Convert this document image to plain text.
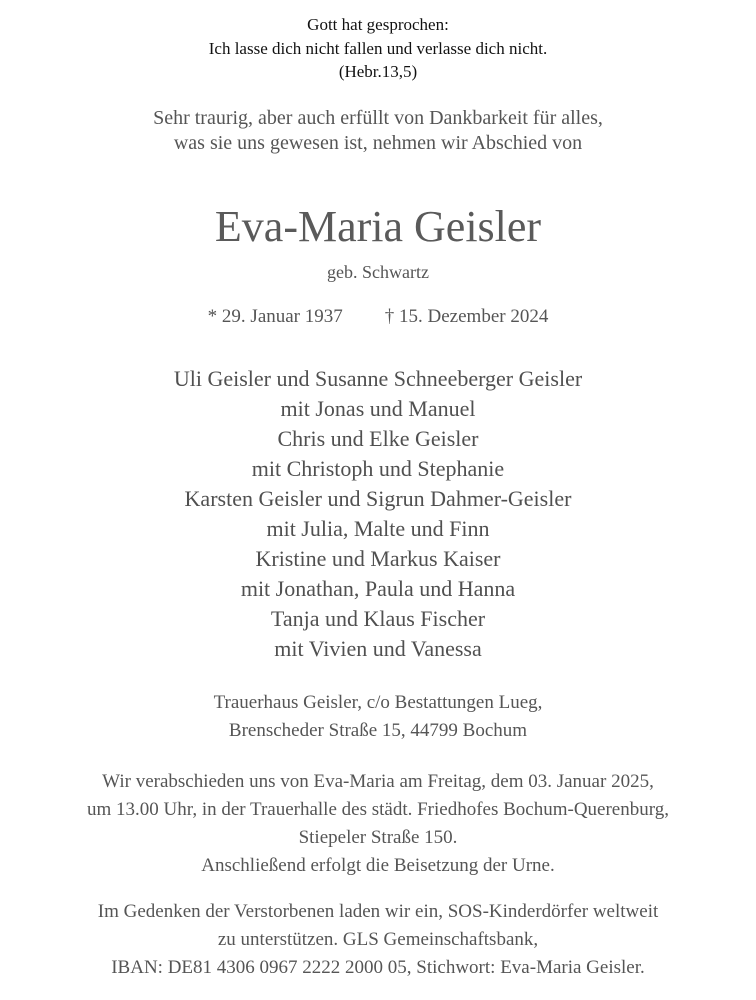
Gott hat gesprochen:
Ich lasse dich nicht fallen und verlasse dich nicht.
(Hebr.13,5)
Sehr traurig, aber auch erfüllt von Dankbarkeit für alles,
was sie uns gewesen ist, nehmen wir Abschied von
Eva-Maria Geisler
geb. Schwartz
* 29. Januar 1937 † 15. Dezember 2024
Uli Geisler und Susanne Schneeberger Geisler
mit Jonas und Manuel
Chris und Elke Geisler
mit Christoph und Stephanie
Karsten Geisler und Sigrun Dahmer-Geisler
mit Julia, Malte und Finn
Kristine und Markus Kaiser
mit Jonathan, Paula und Hanna
Tanja und Klaus Fischer
mit Vivien und Vanessa
Trauerhaus Geisler, c/o Bestattungen Lueg,
Brenscheder Straße 15, 44799 Bochum
Wir verabschieden uns von Eva-Maria am Freitag, dem 03. Januar 2025,
um 13.00 Uhr, in der Trauerhalle des städt. Friedhofes Bochum-Querenburg,
Stiepeler Straße 150.
Anschließend erfolgt die Beisetzung der Urne.
Im Gedenken der Verstorbenen laden wir ein, SOS-Kinderdörfer weltweit
zu unterstützen. GLS Gemeinschaftsbank,
IBAN: DE81 4306 0967 2222 2000 05, Stichwort: Eva-Maria Geisler.
